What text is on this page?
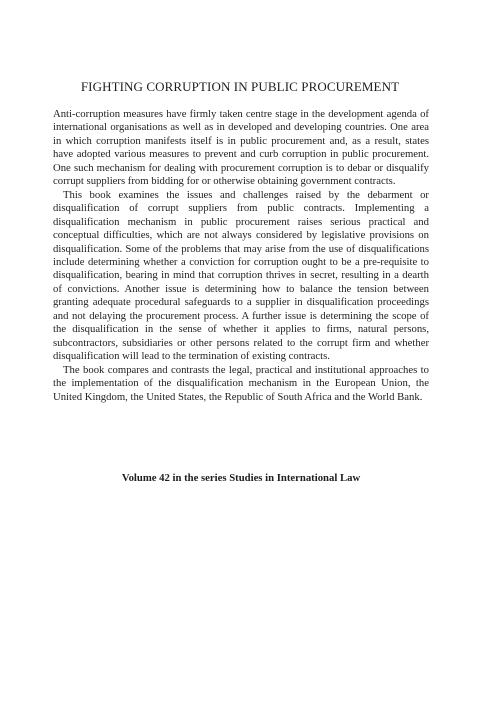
FIGHTING CORRUPTION IN PUBLIC PROCUREMENT

Anti-corruption measures have firmly taken centre stage in the development agenda of international organisations as well as in developed and developing countries. One area in which corruption manifests itself is in public procurement and, as a result, states have adopted various measures to prevent and curb corruption in public procurement. One such mechanism for dealing with procurement corruption is to debar or disqualify corrupt suppliers from bidding for or otherwise obtaining government contracts.

This book examines the issues and challenges raised by the debarment or disqualification of corrupt suppliers from public contracts. Implementing a disqualification mechanism in public procurement raises serious practical and conceptual difficulties, which are not always considered by legislative provisions on disqualification. Some of the problems that may arise from the use of disqualifications include determining whether a conviction for corruption ought to be a pre-requisite to disqualification, bearing in mind that corruption thrives in secret, resulting in a dearth of convictions. Another issue is determining how to balance the tension between granting adequate procedural safeguards to a supplier in disqualification proceedings and not delaying the procurement process. A further issue is determining the scope of the disqualification in the sense of whether it applies to firms, natural persons, subcontractors, subsidiaries or other persons related to the corrupt firm and whether disqualification will lead to the termination of existing contracts.

The book compares and contrasts the legal, practical and institutional approaches to the implementation of the disqualification mechanism in the European Union, the United Kingdom, the United States, the Republic of South Africa and the World Bank.

Volume 42 in the series Studies in International Law
